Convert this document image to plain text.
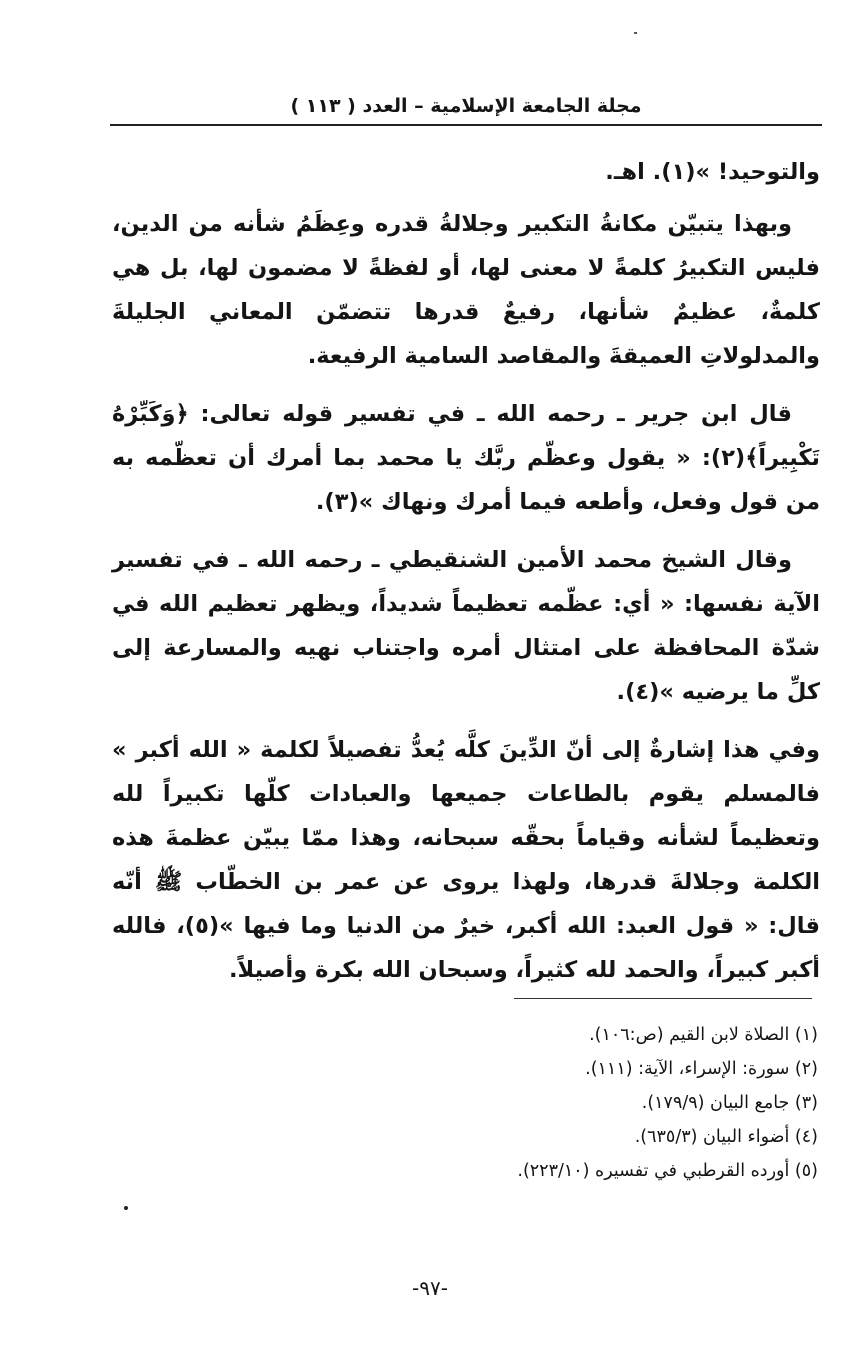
مجلة الجامعة الإسلامية – العدد ( ١١٣ )

والتوحيد! »(١). اهـ.

وبهذا يتبيّن مكانةُ التكبير وجلالةُ قدره وعِظَمُ شأنه من الدين، فليس التكبيرُ كلمةً لا معنى لها، أو لفظةً لا مضمون لها، بل هي كلمةٌ، عظيمٌ شأنها، رفيعٌ قدرها تتضمّن المعاني الجليلةَ والمدلولاتِ العميقةَ والمقاصد السامية الرفيعة.

قال ابن جرير ـ رحمه الله ـ في تفسير قوله تعالى: ﴿وَكَبِّرْهُ تَكْبِيراً﴾(٢): « يقول وعظّم ربَّك يا محمد بما أمرك أن تعظّمه به من قول وفعل، وأطعه فيما أمرك ونهاك »(٣).

وقال الشيخ محمد الأمين الشنقيطي ـ رحمه الله ـ في تفسير الآية نفسها: « أي: عظّمه تعظيماً شديداً، ويظهر تعظيم الله في شدّة المحافظة على امتثال أمره واجتناب نهيه والمسارعة إلى كلِّ ما يرضيه »(٤).

وفي هذا إشارةٌ إلى أنّ الدِّينَ كلَّه يُعدُّ تفصيلاً لكلمة « الله أكبر » فالمسلم يقوم بالطاعات جميعها والعبادات كلّها تكبيراً لله وتعظيماً لشأنه وقياماً بحقّه سبحانه، وهذا ممّا يبيّن عظمةَ هذه الكلمة وجلالةَ قدرها، ولهذا يروى عن عمر بن الخطّاب ﷺ أنّه قال: « قول العبد: الله أكبر، خيرٌ من الدنيا وما فيها »(٥)، فالله أكبر كبيراً، والحمد لله كثيراً، وسبحان الله بكرة وأصيلاً.

(١) الصلاة لابن القيم (ص:١٠٦).
(٢) سورة: الإسراء، الآية: (١١١).
(٣) جامع البيان (١٧٩/٩).
(٤) أضواء البيان (٦٣٥/٣).
(٥) أورده القرطبي في تفسيره (٢٢٣/١٠).
-٩٧-
